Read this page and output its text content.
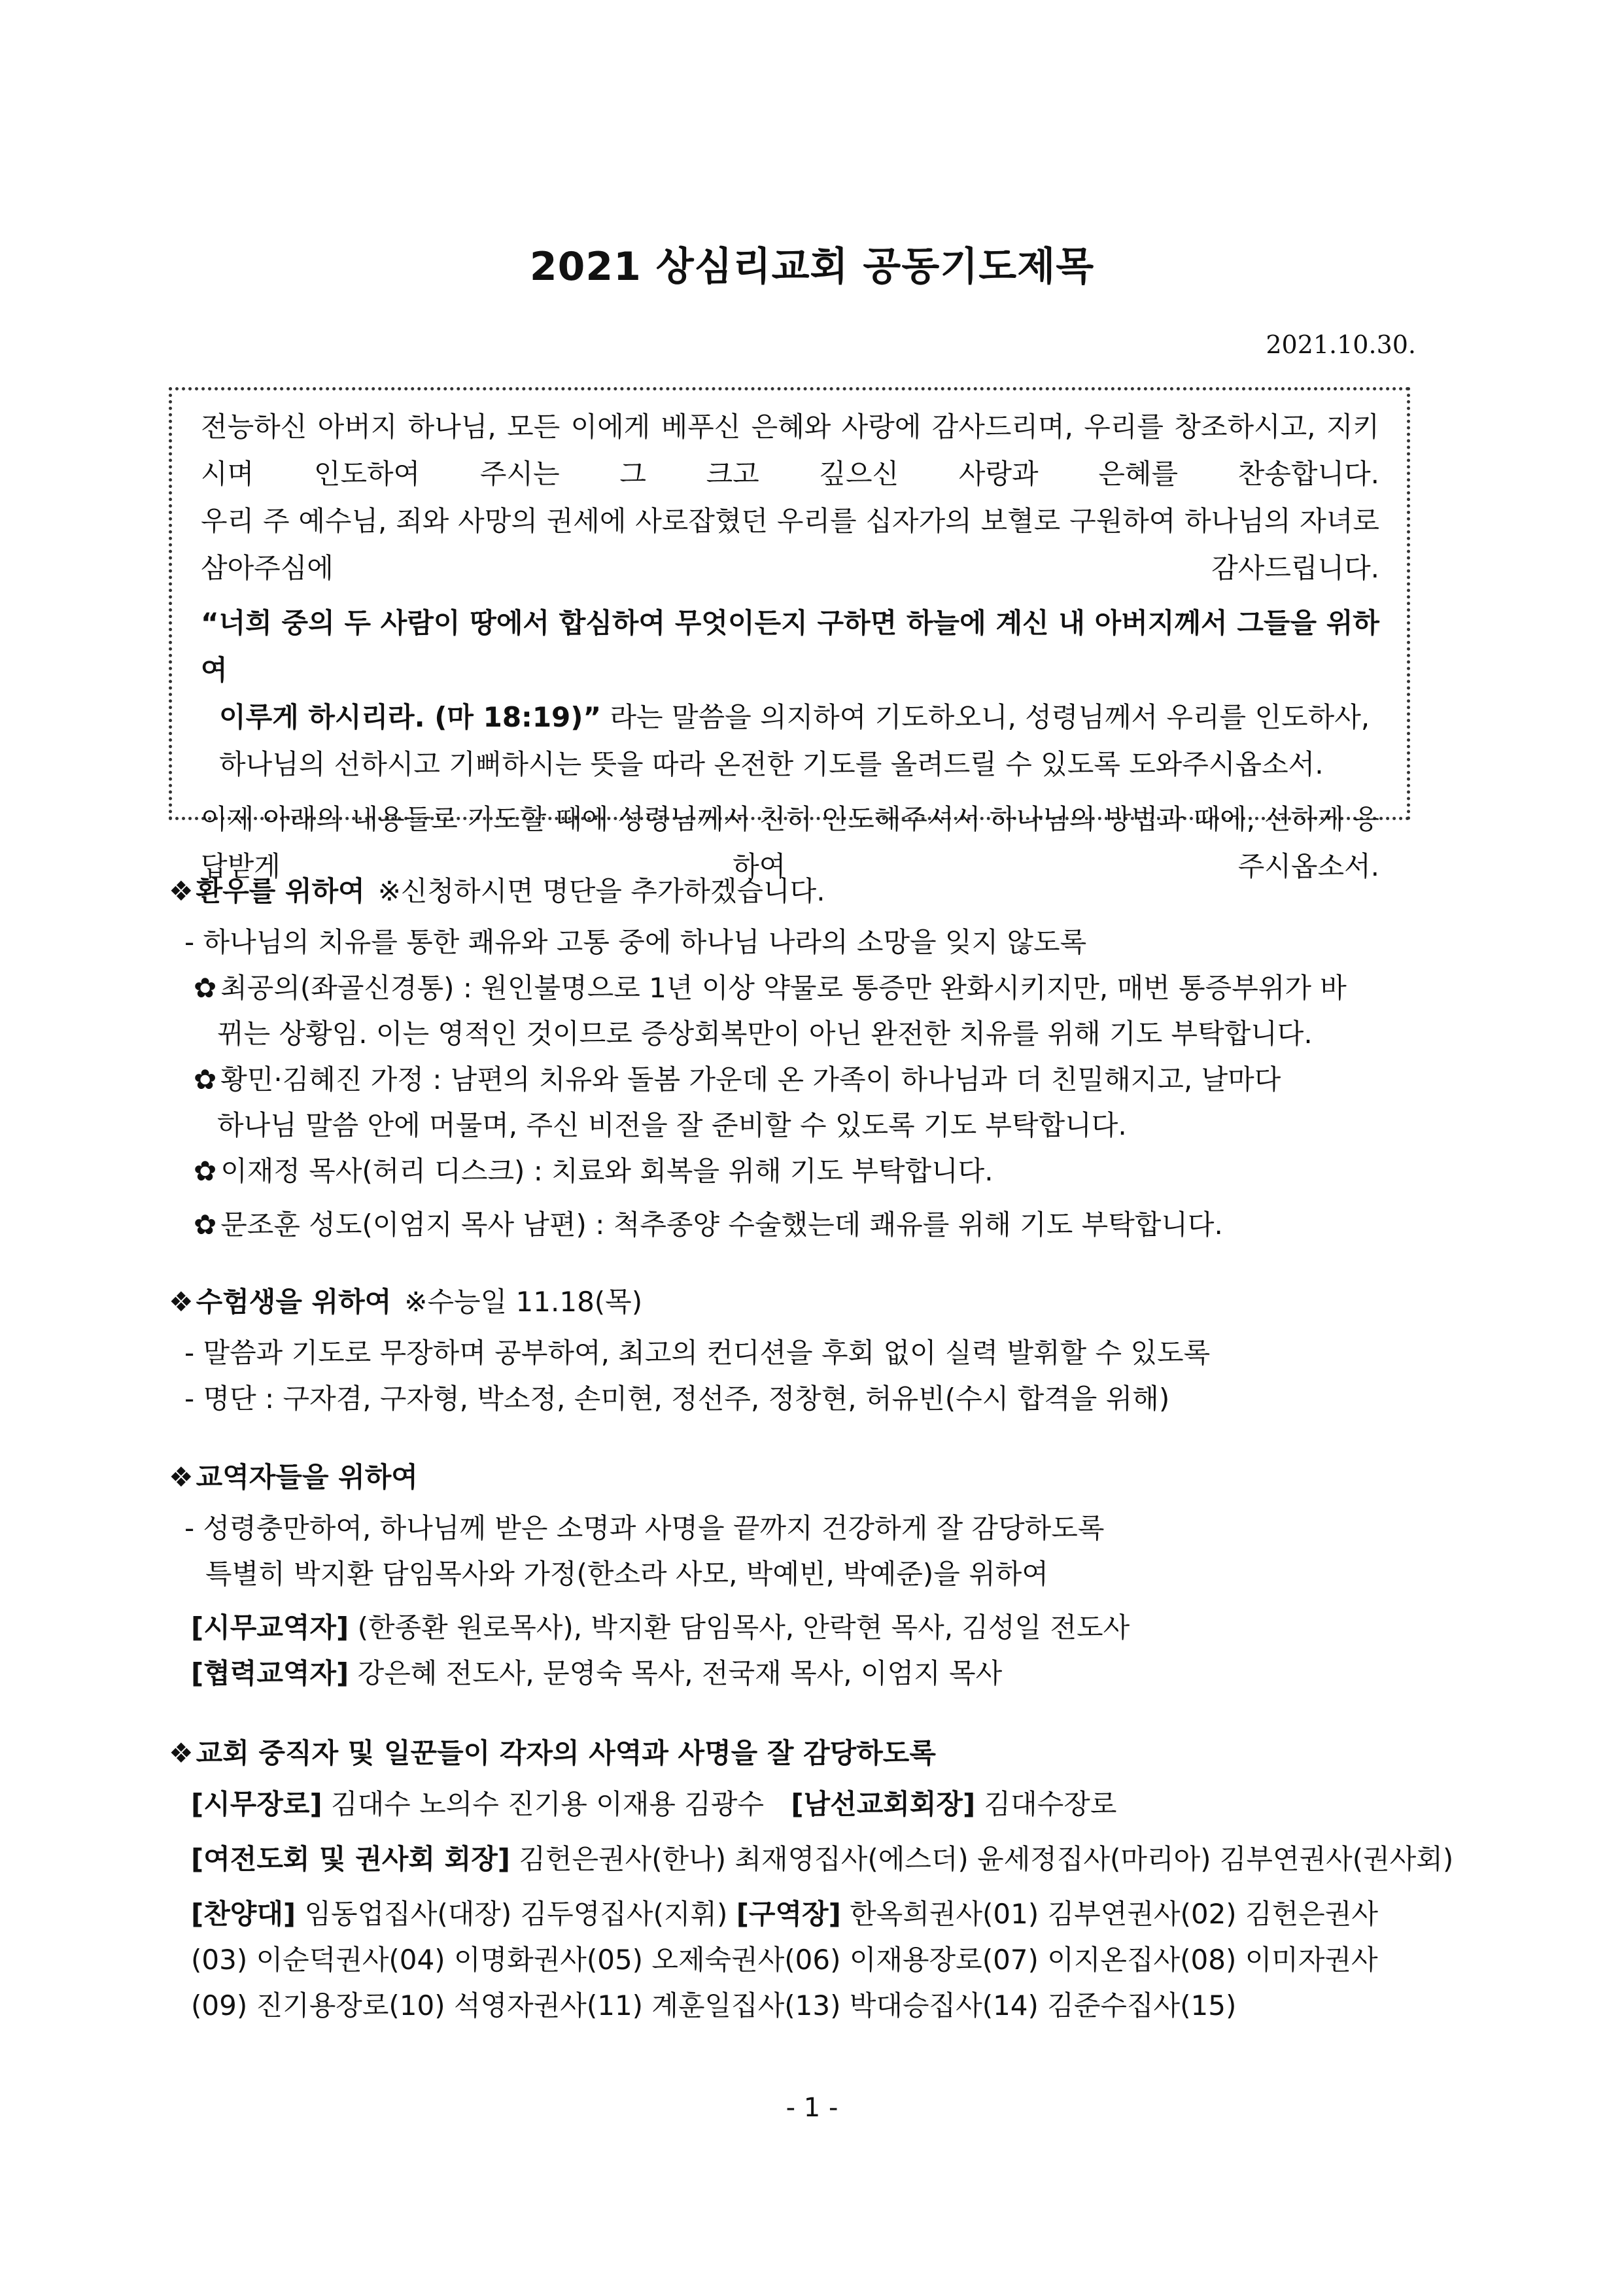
2021 상심리교회 공동기도제목
2021.10.30.

전능하신 아버지 하나님, 모든 이에게 베푸신 은혜와 사랑에 감사드리며, 우리를 창조하시고, 지키시며 인도하여 주시는 그 크고 깊으신 사랑과 은혜를 찬송합니다.

우리 주 예수님, 죄와 사망의 권세에 사로잡혔던 우리를 십자가의 보혈로 구원하여 하나님의 자녀로 삼아주심에 감사드립니다.

“너희 중의 두 사람이 땅에서 합심하여 무엇이든지 구하면 하늘에 계신 내 아버지께서 그들을 위하여

이루게 하시리라. (마 18:19)” 라는 말씀을 의지하여 기도하오니, 성령님께서 우리를 인도하사,

하나님의 선하시고 기뻐하시는 뜻을 따라 온전한 기도를 올려드릴 수 있도록 도와주시옵소서.

이제 아래의 내용들로 기도할 때에 성령님께서 친히 인도해주셔서 하나님의 방법과 때에, 선하게 응답받게 하여 주시옵소서.

❖환우를 위하여 ※신청하시면 명단을 추가하겠습니다.
- 하나님의 치유를 통한 쾌유와 고통 중에 하나님 나라의 소망을 잊지 않도록
✿ 최공의(좌골신경통) : 원인불명으로 1년 이상 약물로 통증만 완화시키지만, 매번 통증부위가 바
뀌는 상황임. 이는 영적인 것이므로 증상회복만이 아닌 완전한 치유를 위해 기도 부탁합니다.
✿ 황민·김혜진 가정 : 남편의 치유와 돌봄 가운데 온 가족이 하나님과 더 친밀해지고, 날마다
하나님 말씀 안에 머물며, 주신 비전을 잘 준비할 수 있도록 기도 부탁합니다.
✿ 이재정 목사(허리 디스크) : 치료와 회복을 위해 기도 부탁합니다.
✿ 문조훈 성도(이엄지 목사 남편) : 척추종양 수술했는데 쾌유를 위해 기도 부탁합니다.
❖수험생을 위하여 ※수능일 11.18(목)
- 말씀과 기도로 무장하며 공부하여, 최고의 컨디션을 후회 없이 실력 발휘할 수 있도록
- 명단 : 구자겸, 구자형, 박소정, 손미현, 정선주, 정창현, 허유빈(수시 합격을 위해)
❖교역자들을 위하여
- 성령충만하여, 하나님께 받은 소명과 사명을 끝까지 건강하게 잘 감당하도록
특별히 박지환 담임목사와 가정(한소라 사모, 박예빈, 박예준)을 위하여
[시무교역자] (한종환 원로목사), 박지환 담임목사, 안락현 목사, 김성일 전도사
[협력교역자] 강은혜 전도사, 문영숙 목사, 전국재 목사, 이엄지 목사
❖교회 중직자 및 일꾼들이 각자의 사역과 사명을 잘 감당하도록
[시무장로] 김대수 노의수 진기용 이재용 김광수 [남선교회회장] 김대수장로
[여전도회 및 권사회 회장] 김헌은권사(한나) 최재영집사(에스더) 윤세정집사(마리아) 김부연권사(권사회)
[찬양대] 임동업집사(대장) 김두영집사(지휘) [구역장] 한옥희권사(01) 김부연권사(02) 김헌은권사
(03) 이순덕권사(04) 이명화권사(05) 오제숙권사(06) 이재용장로(07) 이지온집사(08) 이미자권사
(09) 진기용장로(10) 석영자권사(11) 계훈일집사(13) 박대승집사(14) 김준수집사(15)
- 1 -
